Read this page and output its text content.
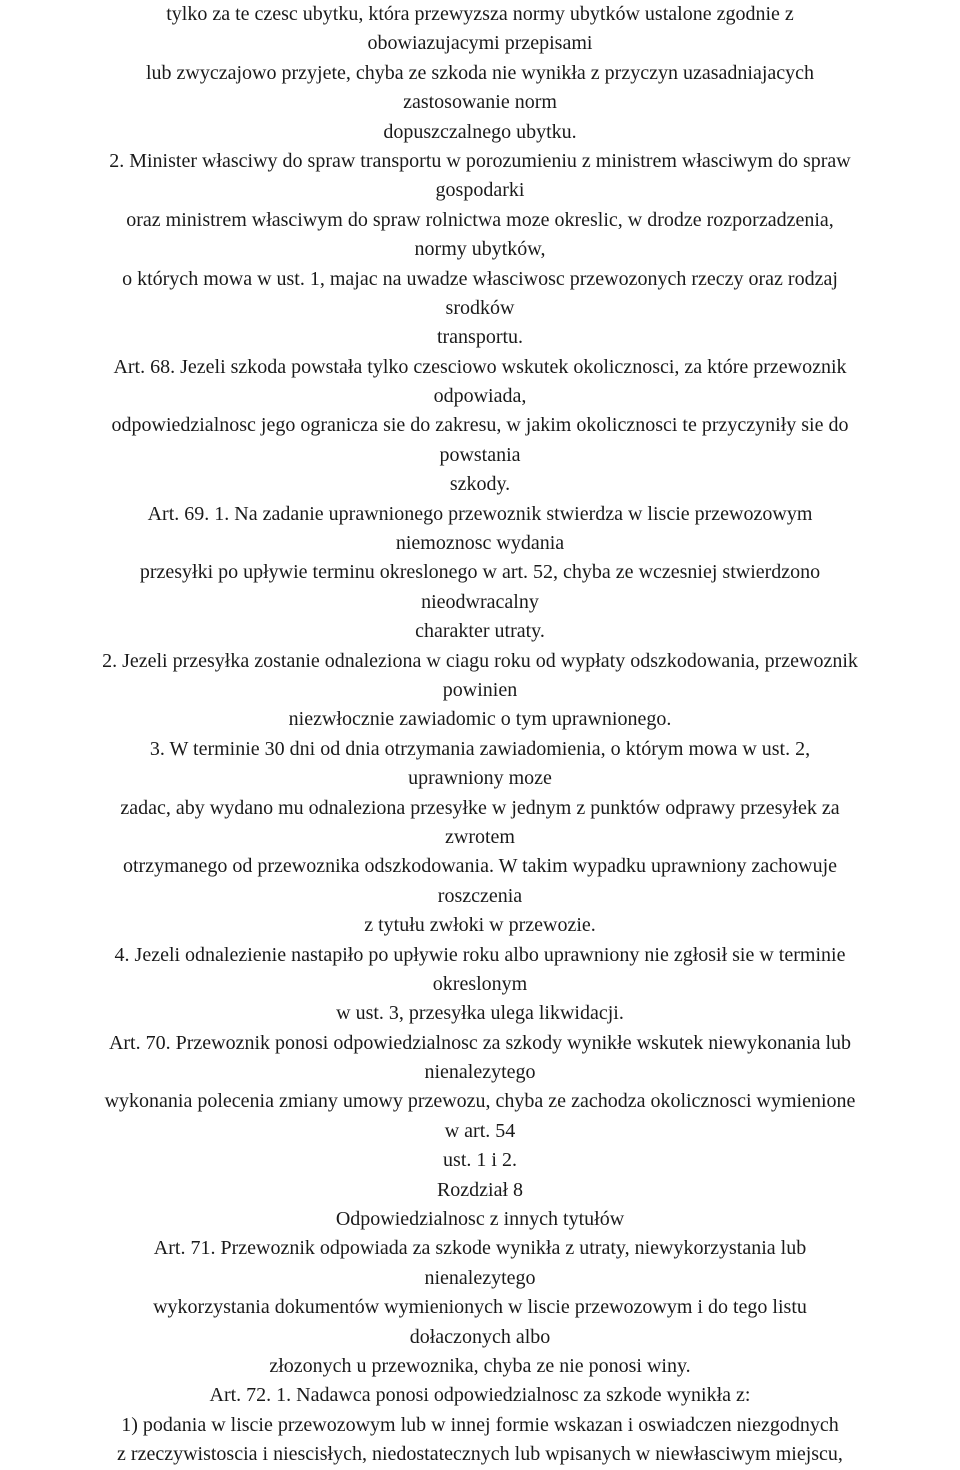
tylko za te czesc ubytku, która przewyzsza normy ubytków ustalone zgodnie z
obowiazujacymi przepisami
lub zwyczajowo przyjete, chyba ze szkoda nie wynikła z przyczyn uzasadniajacych
zastosowanie norm
dopuszczalnego ubytku.
2. Minister własciwy do spraw transportu w porozumieniu z ministrem własciwym do spraw
gospodarki
oraz ministrem własciwym do spraw rolnictwa moze okreslic, w drodze rozporzadzenia,
normy ubytków,
o których mowa w ust. 1, majac na uwadze własciwosc przewozonych rzeczy oraz rodzaj
srodków
transportu.
Art. 68. Jezeli szkoda powstała tylko czesciowo wskutek okolicznosci, za które przewoznik
odpowiada,
odpowiedzialnosc jego ogranicza sie do zakresu, w jakim okolicznosci te przyczyniły sie do
powstania
szkody.
Art. 69. 1. Na zadanie uprawnionego przewoznik stwierdza w liscie przewozowym
niemoznosc wydania
przesyłki po upływie terminu okreslonego w art. 52, chyba ze wczesniej stwierdzono
nieodwracalny
charakter utraty.
2. Jezeli przesyłka zostanie odnaleziona w ciagu roku od wypłaty odszkodowania, przewoznik
powinien
niezwłocznie zawiadomic o tym uprawnionego.
3. W terminie 30 dni od dnia otrzymania zawiadomienia, o którym mowa w ust. 2,
uprawniony moze
zadac, aby wydano mu odnaleziona przesyłke w jednym z punktów odprawy przesyłek za
zwrotem
otrzymanego od przewoznika odszkodowania. W takim wypadku uprawniony zachowuje
roszczenia
z tytułu zwłoki w przewozie.
4. Jezeli odnalezienie nastapiło po upływie roku albo uprawniony nie zgłosił sie w terminie
okreslonym
w ust. 3, przesyłka ulega likwidacji.
Art. 70. Przewoznik ponosi odpowiedzialnosc za szkody wynikłe wskutek niewykonania lub
nienalezytego
wykonania polecenia zmiany umowy przewozu, chyba ze zachodza okolicznosci wymienione
w art. 54
ust. 1 i 2.
Rozdział 8
Odpowiedzialnosc z innych tytułów
Art. 71. Przewoznik odpowiada za szkode wynikła z utraty, niewykorzystania lub
nienalezytego
wykorzystania dokumentów wymienionych w liscie przewozowym i do tego listu
dołaczonych albo
złozonych u przewoznika, chyba ze nie ponosi winy.
Art. 72. 1. Nadawca ponosi odpowiedzialnosc za szkode wynikła z:
1) podania w liscie przewozowym lub w innej formie wskazan i oswiadczen niezgodnych
z rzeczywistoscia i niescisłych, niedostatecznych lub wpisanych w niewłasciwym miejscu,
